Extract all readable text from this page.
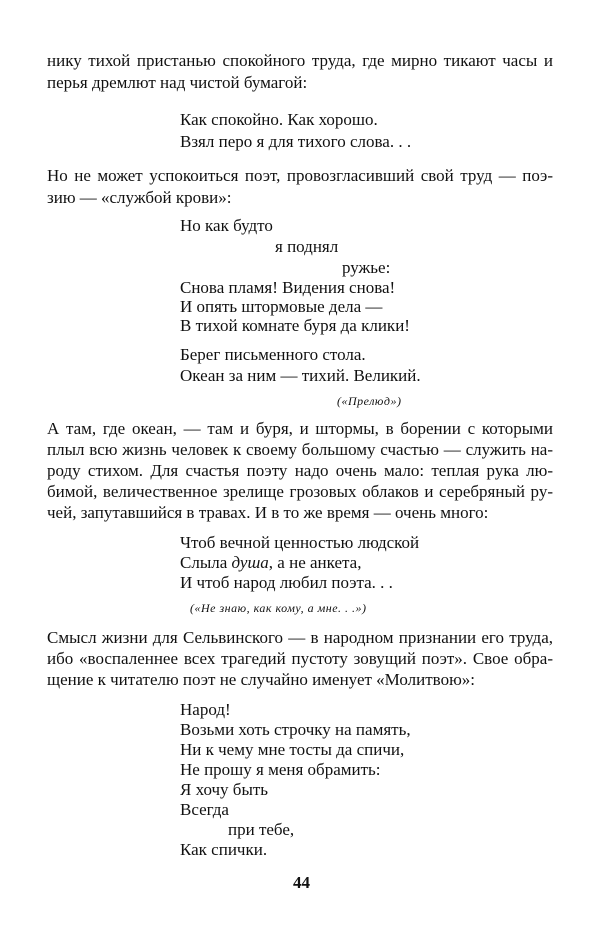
нику тихой пристанью спокойного труда, где мирно тикают часы и
перья дремлют над чистой бумагой:
Как спокойно. Как хорошо.
Взял перо я для тихого слова. . .
Но не может успокоиться поэт, провозгласивший свой труд — поэ-
зию — «службой крови»:
Но как будто
я поднял
ружье:
Снова пламя! Видения снова!
И опять штормовые дела —
В тихой комнате буря да клики!
Берег письменного стола.
Океан за ним — тихий. Великий.
(«Прелюд»)
А там, где океан, — там и буря, и штормы, в борении с которыми
плыл всю жизнь человек к своему большому счастью — служить на-
роду стихом. Для счастья поэту надо очень мало: теплая рука лю-
бимой, величественное зрелище грозовых облаков и серебряный ру-
чей, запутавшийся в травах. И в то же время — очень много:
Чтоб вечной ценностью людской
Слыла душа, а не анкета,
И чтоб народ любил поэта. . .
(«Не знаю, как кому, а мне. . .»)
Смысл жизни для Сельвинского — в народном признании его труда,
ибо «воспаленнее всех трагедий пустоту зовущий поэт». Свое обра-
щение к читателю поэт не случайно именует «Молитвою»:
Народ!
Возьми хоть строчку на память,
Ни к чему мне тосты да спичи,
Не прошу я меня обрамить:
Я хочу быть
Всегда
при тебе,
Как спички.
44
